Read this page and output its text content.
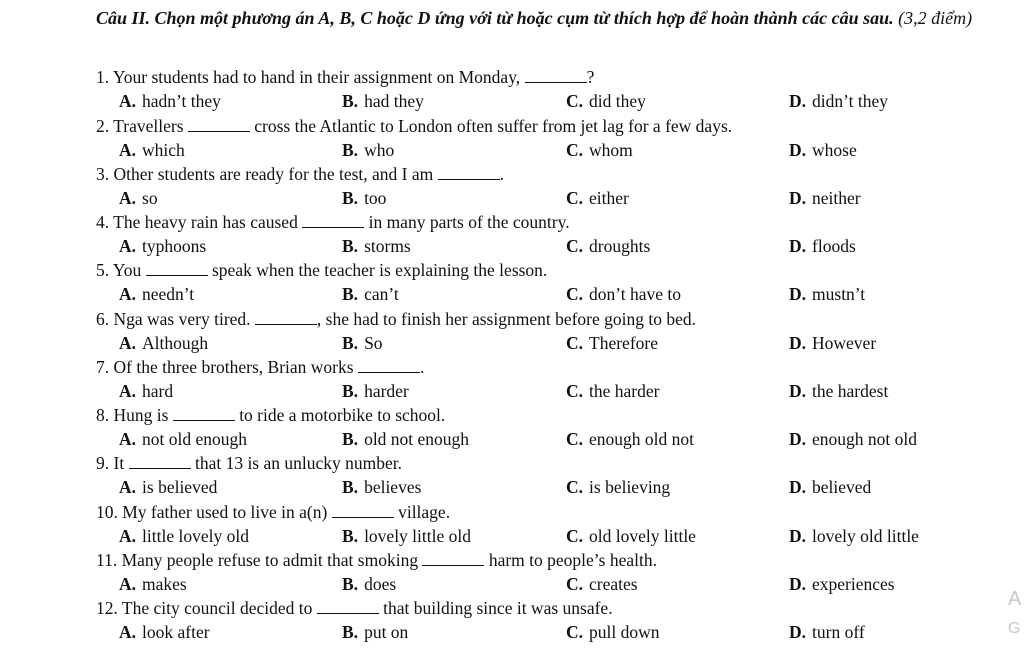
Câu II. Chọn một phương án A, B, C hoặc D ứng với từ hoặc cụm từ thích hợp để hoàn thành các câu sau. (3,2 điểm)
1. Your students had to hand in their assignment on Monday,	?
A. hadn’t they	B. had they	C. did they	D. didn’t they
2. Travellers	cross the Atlantic to London often suffer from jet lag for a few days.
A. which	B. who	C. whom	D. whose
3. Other students are ready for the test, and I am	.
A. so	B. too	C. either	D. neither
4. The heavy rain has caused	in many parts of the country.
A. typhoons	B. storms	C. droughts	D. floods
5. You	speak when the teacher is explaining the lesson.
A. needn’t	B. can’t	C. don’t have to	D. mustn’t
6. Nga was very tired.	, she had to finish her assignment before going to bed.
A. Although	B. So	C. Therefore	D. However
7. Of the three brothers, Brian works	.
A. hard	B. harder	C. the harder	D. the hardest
8. Hung is	to ride a motorbike to school.
A. not old enough	B. old not enough	C. enough old not	D. enough not old
9. It	that 13 is an unlucky number.
A. is believed	B. believes	C. is believing	D. believed
10. My father used to live in a(n)	village.
A. little lovely old	B. lovely little old	C. old lovely little	D. lovely old little
11. Many people refuse to admit that smoking	harm to people’s health.
A. makes	B. does	C. creates	D. experiences
12. The city council decided to	that building since it was unsafe.
A. look after	B. put on	C. pull down	D. turn off
A
G
